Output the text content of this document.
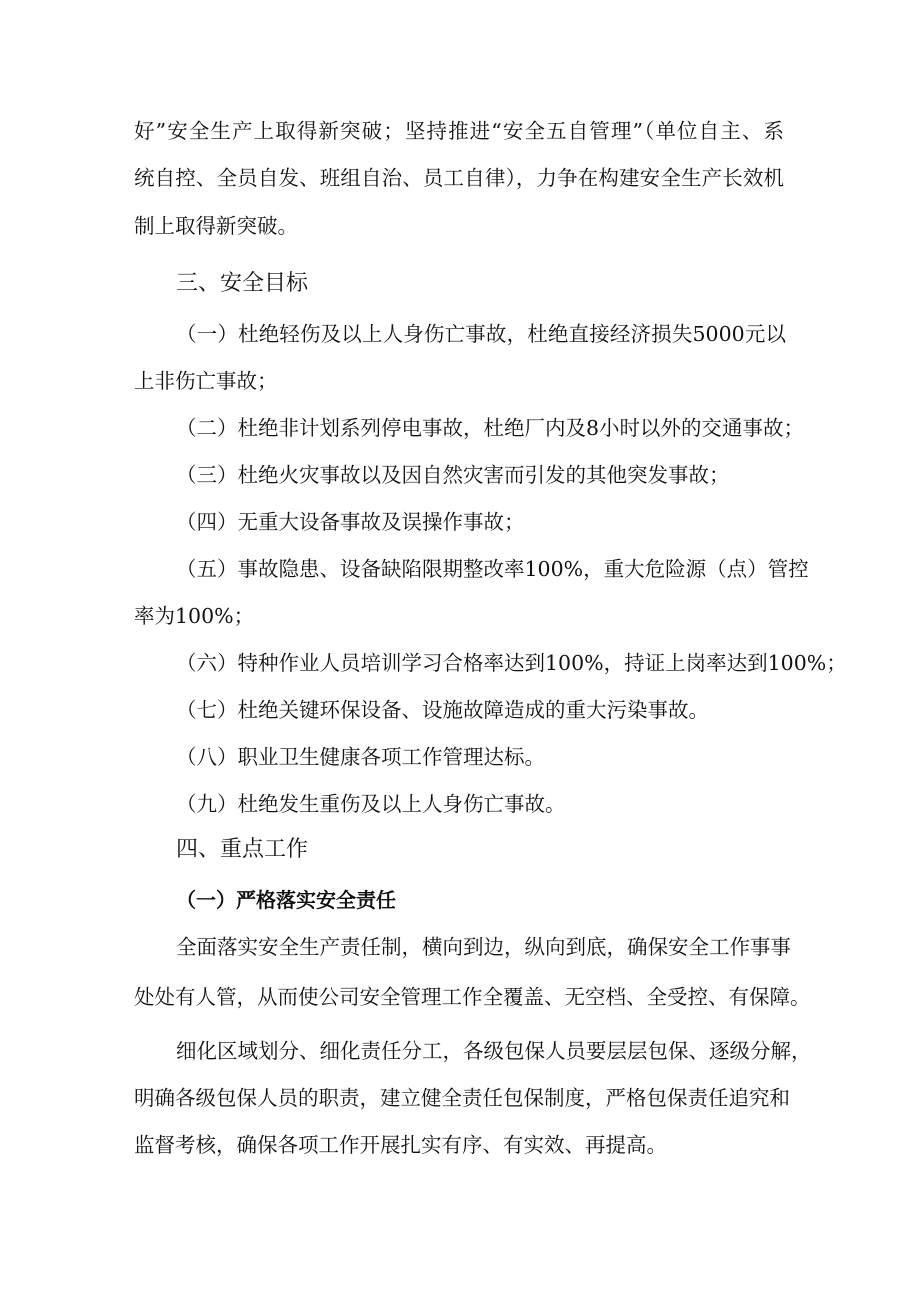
好”安全生产上取得新突破；坚持推进“安全五自管理”（单位自主、系
统自控、全员自发、班组自治、员工自律），力争在构建安全生产长效机
制上取得新突破。
三、安全目标
（一）杜绝轻伤及以上人身伤亡事故，杜绝直接经济损失5000元以
上非伤亡事故；
（二）杜绝非计划系列停电事故，杜绝厂内及8小时以外的交通事故；
（三）杜绝火灾事故以及因自然灾害而引发的其他突发事故；
（四）无重大设备事故及误操作事故；
（五）事故隐患、设备缺陷限期整改率100%，重大危险源（点）管控
率为100%；
（六）特种作业人员培训学习合格率达到100%，持证上岗率达到100%；
（七）杜绝关键环保设备、设施故障造成的重大污染事故。
（八）职业卫生健康各项工作管理达标。
（九）杜绝发生重伤及以上人身伤亡事故。
四、重点工作
（一）严格落实安全责任
全面落实安全生产责任制，横向到边，纵向到底，确保安全工作事事
处处有人管，从而使公司安全管理工作全覆盖、无空档、全受控、有保障。
细化区域划分、细化责任分工，各级包保人员要层层包保、逐级分解，
明确各级包保人员的职责，建立健全责任包保制度，严格包保责任追究和
监督考核，确保各项工作开展扎实有序、有实效、再提高。
